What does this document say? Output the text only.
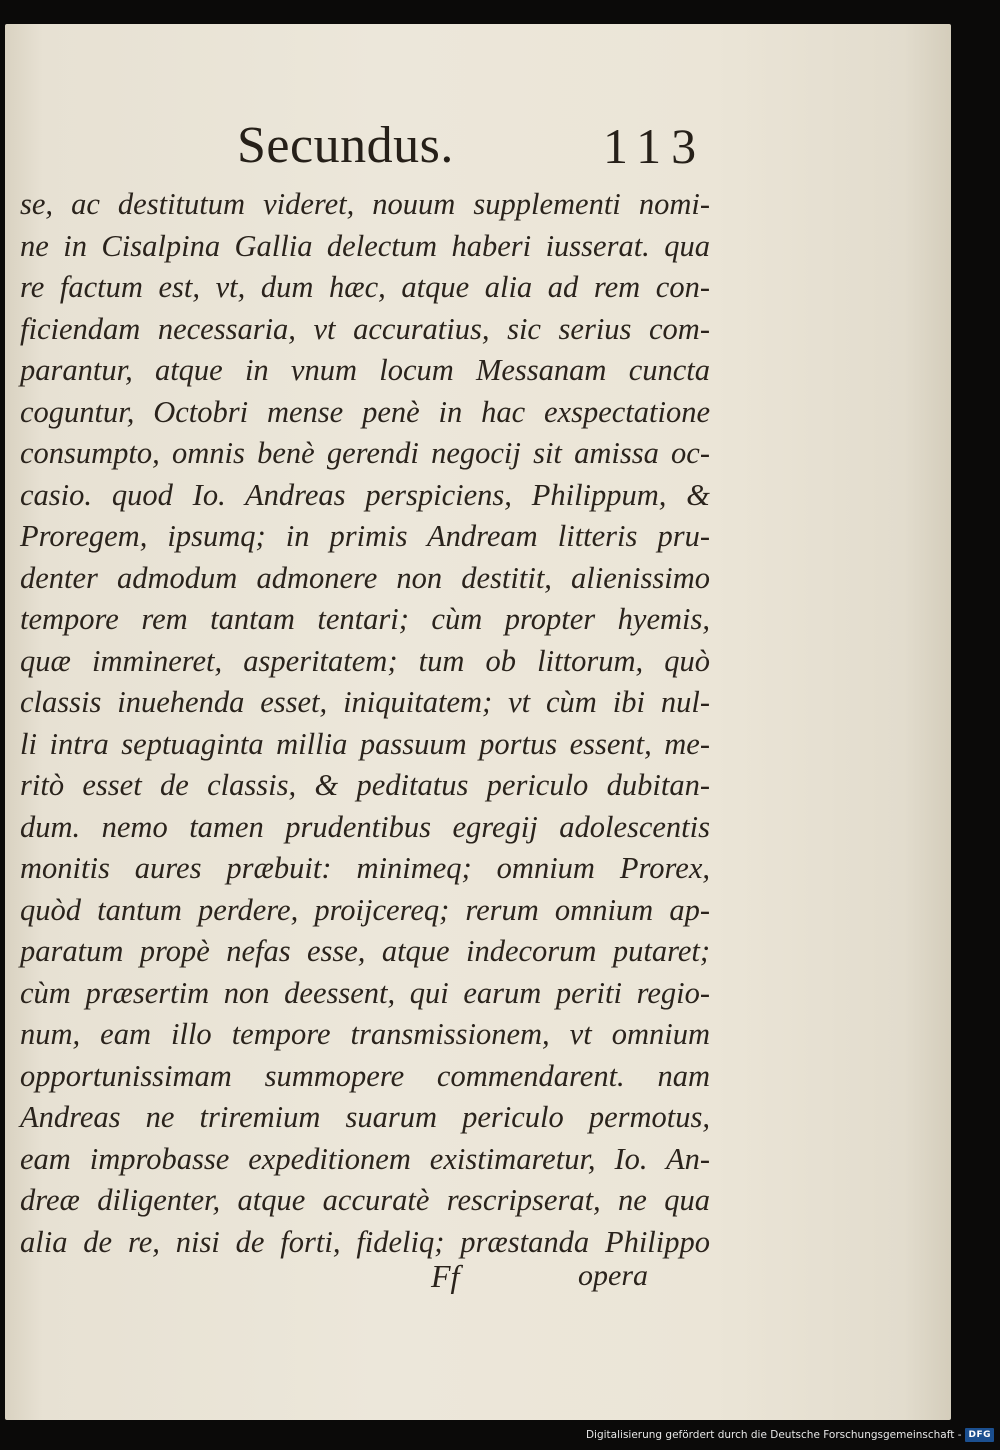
Secundus.	113
se, ac destitutum videret, nouum supplementi nomi-
ne in Cisalpina Gallia delectum haberi iusserat. qua
re factum est, vt, dum hæc, atque alia ad rem con-
ficiendam necessaria, vt accuratius, sic serius com-
parantur, atque in vnum locum Messanam cuncta
coguntur, Octobri mense penè in hac exspectatione
consumpto, omnis benè gerendi negocij sit amissa oc-
casio. quod Io. Andreas perspiciens, Philippum, &
Proregem, ipsumq; in primis Andream litteris pru-
denter admodum admonere non destitit, alienissimo
tempore rem tantam tentari; cùm propter hyemis,
quæ immineret, asperitatem; tum ob littorum, quò
classis inuehenda esset, iniquitatem; vt cùm ibi nul-
li intra septuaginta millia passuum portus essent, me-
ritò esset de classis, & peditatus periculo dubitan-
dum. nemo tamen prudentibus egregij adolescentis
monitis aures præbuit: minimeq; omnium Prorex,
quòd tantum perdere, proijcereq; rerum omnium ap-
paratum propè nefas esse, atque indecorum putaret;
cùm præsertim non deessent, qui earum periti regio-
num, eam illo tempore transmissionem, vt omnium
opportunissimam summopere commendarent. nam
Andreas ne triremium suarum periculo permotus,
eam improbasse expeditionem existimaretur, Io. An-
dreæ diligenter, atque accuratè rescripserat, ne qua
alia de re, nisi de forti, fideliq; præstanda Philippo
Ff	opera
Digitalisierung gefördert durch die Deutsche Forschungsgemeinschaft - DFG
